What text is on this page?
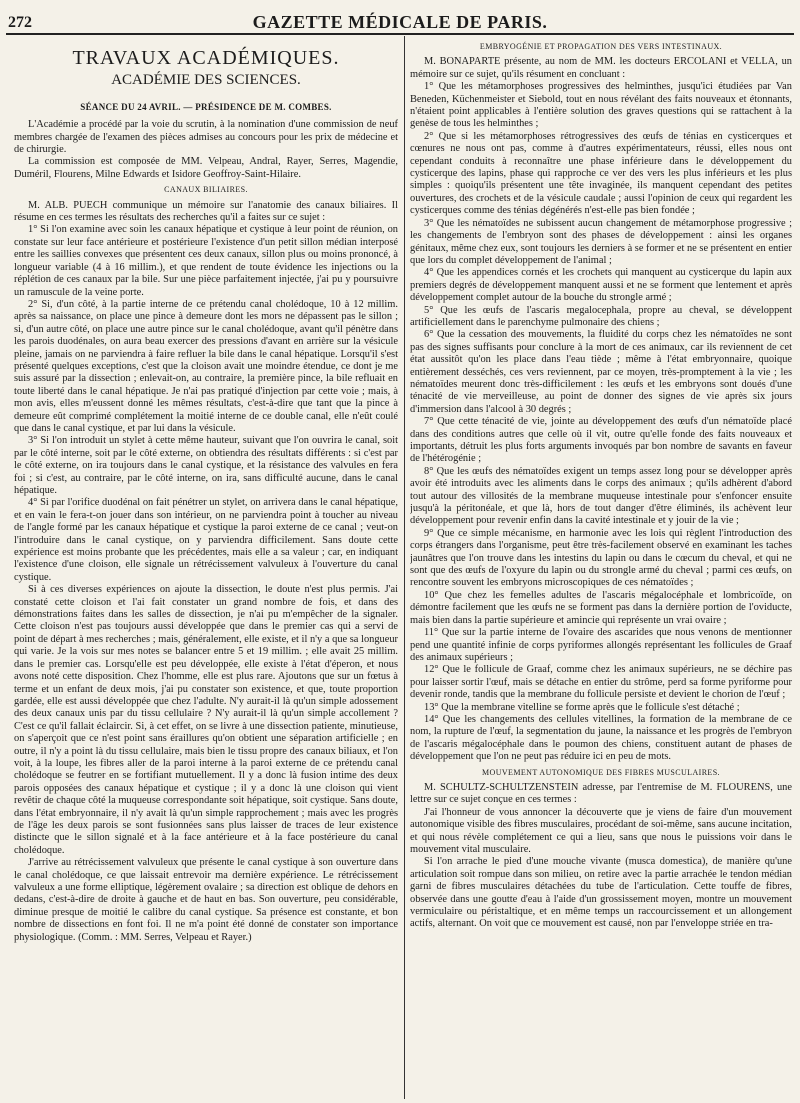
272	GAZETTE MÉDICALE DE PARIS.
TRAVAUX ACADÉMIQUES.
ACADÉMIE DES SCIENCES.
SÉANCE DU 24 AVRIL. — PRÉSIDENCE DE M. COMBES.

L'Académie a procédé par la voie du scrutin, à la nomination d'une commission de neuf membres chargée de l'examen des pièces admises au concours pour les prix de médecine et de chirurgie.

La commission est composée de MM. Velpeau, Andral, Rayer, Serres, Magendie, Duméril, Flourens, Milne Edwards et Isidore Geoffroy-Saint-Hilaire.

CANAUX BILIAIRES.

M. ALB. PUECH communique un mémoire sur l'anatomie des canaux biliaires. Il résume en ces termes les résultats des recherches qu'il a faites sur ce sujet :

1° Si l'on examine avec soin les canaux hépatique et cystique à leur point de réunion, on constate sur leur face antérieure et postérieure l'existence d'un petit sillon médian interposé entre les saillies convexes que présentent ces deux canaux, sillon plus ou moins prononcé, à longueur variable (4 à 16 millim.), et que rendent de toute évidence les injections ou la réplétion de ces canaux par la bile. Sur une pièce parfaitement injectée, j'ai pu y poursuivre un ramuscule de la veine porte.

2° Si, d'un côté, à la partie interne de ce prétendu canal cholédoque, 10 à 12 millim. après sa naissance, on place une pince à demeure dont les mors ne dépassent pas le sillon ; si, d'un autre côté, on place une autre pince sur le canal cholédoque, avant qu'il pénètre dans les parois duodénales, on aura beau exercer des pressions d'avant en arrière sur la vésicule pleine, jamais on ne parviendra à faire refluer la bile dans le canal hépatique. Lorsqu'il s'est présenté quelques exceptions, c'est que la cloison avait une moindre étendue, ce dont je me suis assuré par la dissection ; enlevait-on, au contraire, la première pince, la bile refluait en toute liberté dans le canal hépatique. Je n'ai pas pratiqué d'injection par cette voie ; mais, à mon avis, elles m'eussent donné les mêmes résultats, c'est-à-dire que tant que la pince à demeure eût comprimé complétement la moitié interne de ce double canal, elle n'eût coulé que dans le canal cystique, et par lui dans la vésicule.

3° Si l'on introduit un stylet à cette même hauteur, suivant que l'on ouvrira le canal, soit par le côté interne, soit par le côté externe, on obtiendra des résultats différents : si c'est par le côté externe, on ira toujours dans le canal cystique, et la résistance des valvules en fera foi ; si c'est, au contraire, par le côté interne, on ira, sans difficulté aucune, dans le canal hépatique.

4° Si par l'orifice duodénal on fait pénétrer un stylet, on arrivera dans le canal hépatique, et en vain le fera-t-on jouer dans son intérieur, on ne parviendra point à toucher au niveau de l'angle formé par les canaux hépatique et cystique la paroi externe de ce canal ; veut-on l'introduire dans le canal cystique, on y parviendra difficilement. Sans doute cette expérience est moins probante que les précédentes, mais elle a sa valeur ; car, en indiquant l'existence d'une cloison, elle signale un rétrécissement valvuleux à l'ouverture du canal cystique.

Si à ces diverses expériences on ajoute la dissection, le doute n'est plus permis. J'ai constaté cette cloison et l'ai fait constater un grand nombre de fois, et dans des démonstrations faites dans les salles de dissection, je n'ai pu m'empêcher de la signaler. Cette cloison n'est pas toujours aussi développée que dans le premier cas qui a servi de point de départ à mes recherches ; mais, généralement, elle existe, et il n'y a que sa longueur qui varie. Je la vois sur mes notes se balancer entre 5 et 19 millim. ; elle avait 25 millim. dans le premier cas. Lorsqu'elle est peu développée, elle existe à l'état d'éperon, et nous avons noté cette disposition. Chez l'homme, elle est plus rare. Ajoutons que sur un fœtus à terme et un enfant de deux mois, j'ai pu constater son existence, et que, toute proportion gardée, elle est aussi développée que chez l'adulte. N'y aurait-il là qu'un simple adossement des deux canaux unis par du tissu cellulaire ? N'y aurait-il là qu'un simple accollement ? C'est ce qu'il fallait éclaircir. Si, à cet effet, on se livre à une dissection patiente, minutieuse, on s'aperçoit que ce n'est point sans éraillures qu'on obtient une séparation artificielle ; en outre, il n'y a point là du tissu cellulaire, mais bien le tissu propre des canaux biliaux, et l'on voit, à la loupe, les fibres aller de la paroi interne à la paroi externe de ce prétendu canal cholédoque se feutrer en se fortifiant mutuellement. Il y a donc là fusion intime des deux parois opposées des canaux hépatique et cystique ; il y a donc là une cloison qui vient revêtir de chaque côté la muqueuse correspondante soit hépatique, soit cystique. Sans doute, dans l'état embryonnaire, il n'y avait là qu'un simple rapprochement ; mais avec les progrès de l'âge les deux parois se sont fusionnées sans plus laisser de traces de leur existence distincte que le sillon signalé et à la face antérieure et à la face postérieure du canal cholédoque.

J'arrive au rétrécissement valvuleux que présente le canal cystique à son ouverture dans le canal cholédoque, ce que laissait entrevoir ma dernière expérience. Le rétrécissement valvuleux a une forme elliptique, légèrement ovalaire ; sa direction est oblique de dehors en dedans, c'est-à-dire de droite à gauche et de haut en bas. Son ouverture, peu considérable, diminue presque de moitié le calibre du canal cystique. Sa présence est constante, et bon nombre de dissections en font foi. Il ne m'a point été donné de constater son importance physiologique. (Comm. : MM. Serres, Velpeau et Rayer.)

EMBRYOGÉNIE ET PROPAGATION DES VERS INTESTINAUX.

M. BONAPARTE présente, au nom de MM. les docteurs ERCOLANI et VELLA, un mémoire sur ce sujet, qu'ils résument en concluant :

1° Que les métamorphoses progressives des helminthes, jusqu'ici étudiées par Van Beneden, Küchenmeister et Siebold, tout en nous révélant des faits nouveaux et étonnants, n'étaient point applicables à l'entière solution des graves questions qui se rattachent à la genèse de tous les helminthes ;

2° Que si les métamorphoses rétrogressives des œufs de ténias en cysticerques et cœnures ne nous ont pas, comme à d'autres expérimentateurs, réussi, elles nous ont cependant conduits à reconnaître une phase inférieure dans le développement du cysticerque des lapins, phase qui rapproche ce ver des vers les plus inférieurs et les plus simples : quoiqu'ils présentent une tête invaginée, ils manquent cependant des petites ouvertures, des crochets et de la vésicule caudale ; aussi l'opinion de ceux qui regardent les cysticerques comme des ténias dégénérés n'est-elle pas bien fondée ;

3° Que les nématoïdes ne subissent aucun changement de métamorphose progressive ; les changements de l'embryon sont des phases de développement : ainsi les organes génitaux, même chez eux, sont toujours les derniers à se former et ne se présentent en entier que lors du complet développement de l'animal ;

4° Que les appendices cornés et les crochets qui manquent au cysticerque du lapin aux premiers degrés de développement manquent aussi et ne se forment que lentement et après développement complet autour de la bouche du strongle armé ;

5° Que les œufs de l'ascaris megalocephala, propre au cheval, se développent artificiellement dans le parenchyme pulmonaire des chiens ;

6° Que la cessation des mouvements, la fluidité du corps chez les nématoïdes ne sont pas des signes suffisants pour conclure à la mort de ces animaux, car ils reviennent de cet état aussitôt qu'on les place dans l'eau tiède ; même à l'état embryonnaire, quoique entièrement desséchés, ces vers reviennent, par ce moyen, très-promptement à la vie ; les nématoïdes meurent donc très-difficilement : les œufs et les embryons sont doués d'une ténacité de vie merveilleuse, au point de donner des signes de vie après six jours d'immersion dans l'alcool à 30 degrés ;

7° Que cette ténacité de vie, jointe au développement des œufs d'un nématoïde placé dans des conditions autres que celle où il vit, outre qu'elle fonde des faits nouveaux et importants, détruit les plus forts arguments invoqués par bon nombre de savants en faveur de l'hétérogénie ;

8° Que les œufs des nématoïdes exigent un temps assez long pour se développer après avoir été introduits avec les aliments dans le corps des animaux ; qu'ils adhèrent d'abord tout autour des villosités de la membrane muqueuse intestinale pour s'enfoncer ensuite jusqu'à la péritonéale, et que là, hors de tout danger d'être éliminés, ils achèvent leur développement pour revenir enfin dans la cavité intestinale et y jouir de la vie ;

9° Que ce simple mécanisme, en harmonie avec les lois qui règlent l'introduction des corps étrangers dans l'organisme, peut être très-facilement observé en examinant les taches jaunâtres que l'on trouve dans les intestins du lapin ou dans le cœcum du cheval, et qui ne sont que des œufs de l'oxyure du lapin ou du strongle armé du cheval ; parmi ces œufs, on rencontre souvent les embryons microscopiques de ces nématoïdes ;

10° Que chez les femelles adultes de l'ascaris mégalocéphale et lombricoïde, on démontre facilement que les œufs ne se forment pas dans la dernière portion de l'oviducte, mais bien dans la partie supérieure et amincie qui représente un vrai ovaire ;

11° Que sur la partie interne de l'ovaire des ascarides que nous venons de mentionner pend une quantité infinie de corps pyriformes allongés représentant les follicules de Graaf des animaux supérieurs ;

12° Que le follicule de Graaf, comme chez les animaux supérieurs, ne se déchire pas pour laisser sortir l'œuf, mais se détache en entier du strôme, perd sa forme pyriforme pour devenir ronde, tandis que la membrane du follicule persiste et devient le chorion de l'œuf ;

13° Que la membrane vitelline se forme après que le follicule s'est détaché ;

14° Que les changements des cellules vitellines, la formation de la membrane de ce nom, la rupture de l'œuf, la segmentation du jaune, la naissance et les progrès de l'embryon de l'ascaris mégalocéphale dans le poumon des chiens, constituent autant de phases de développement que l'on ne peut pas réduire ici en peu de mots.

MOUVEMENT AUTONOMIQUE DES FIBRES MUSCULAIRES.

M. SCHULTZ-SCHULTZENSTEIN adresse, par l'entremise de M. FLOURENS, une lettre sur ce sujet conçue en ces termes :

J'ai l'honneur de vous annoncer la découverte que je viens de faire d'un mouvement autonomique visible des fibres musculaires, procédant de soi-même, sans aucune incitation, et qui nous révèle complétement ce qui a lieu, sans que nous le puissions voir dans le mouvement vital musculaire.

Si l'on arrache le pied d'une mouche vivante (musca domestica), de manière qu'une articulation soit rompue dans son milieu, on retire avec la partie arrachée le tendon médian garni de fibres musculaires détachées du tube de l'articulation. Cette touffe de fibres, observée dans une goutte d'eau à l'aide d'un grossissement moyen, montre un mouvement vermiculaire ou péristaltique, et en même temps un raccourcissement et un allongement actifs, alternant. On voit que ce mouvement est causé, non par l'enveloppe striée en tra-
